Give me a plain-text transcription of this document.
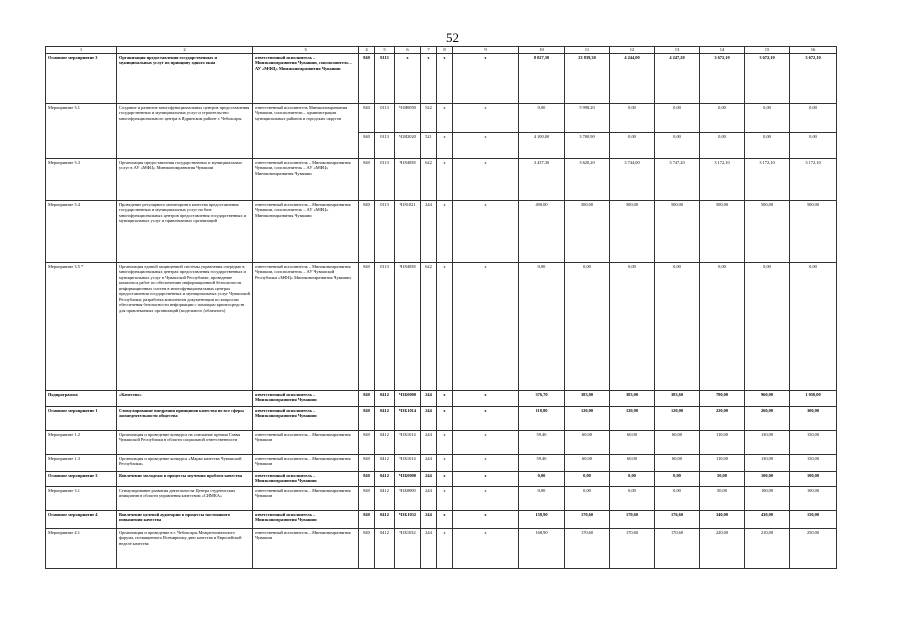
52
1	2	3	4	5	6	7	8	9	10	11	12	13	14	15	16
Основное мероприятие 3	Организация предоставления государственных и муниципальных услуг по принципу одного окна	ответственный исполнитель – Минэкономразвития Чувашии, соисполнитель – АУ «МФЦ» Минэкономразвития Чувашии	840	0113	x	x	x	x	8 027,30	23 839,30	4 244,00	4 247,20	3 672,10	3 672,10	3 672,10
Мероприятие 3.1	Создание и развитие многофункциональных центров предоставления государственных и муниципальных услуг и строительство многофункционального центра в Ядринском районе г. Чебоксары	ответственный исполнитель Минэкономразвития Чувашии, соисполнители – администрации муниципальных районов и городских округов	840	0113	Ч1Я0050	522	x	x	0,00	5 998,20	0,00	0,00	0,00	0,00	0,00
			840	0113	Ч1Я2020	521	x	x	4 100,00	3 700,90	0,00	0,00	0,00	0,00	0,00
Мероприятие 3.3	Организация предоставления государственных и муниципальных услуг в АУ «МФЦ» Минэкономразвития Чувашии	ответственный исполнитель – Минэкономразвития Чувашии, соисполнитель – АУ «МФЦ» Минэкономразвития Чувашии	840	0113	Ч184058	622	x	x	3 437,30	3 620,20	3 744,00	3 747,20	3 172,10	3 172,10	3 172,10
Мероприятие 3.4	Проведение регулярного мониторинга качества предоставления государственных и муниципальных услуг на базе многофункциональных центров предоставления государственных и муниципальных услуг и привлекаемых организаций	ответственный исполнитель – Минэкономразвития Чувашии, соисполнитель – АУ «МФЦ» Минэкономразвития Чувашии	840	0113	Ч181021	244	x	x	490,00	500,00	500,00	500,00	500,00	500,00	500,00
Мероприятие 3.5 *	Организация единой защищенной системы управления очередью в многофункциональных центрах предоставления государственных и муниципальных услуг в Чувашской Республике, проведение комплекса работ по обеспечению информационной безопасности информационных систем в многофункциональных центрах предоставления государственных и муниципальных услуг Чувашской Республики, разработка комплектов документации по вопросам обеспечения безопасности информации с помощью криптосредств для привлекаемых организаций (модельного (облачного)	ответственный исполнитель – Минэкономразвития Чувашии, соисполнитель – АУ Чувашской Республики «МФЦ» Минэкономразвития Чувашии	840	0113	Ч184058	622	x	x	0,00	0,00	0,00	0,00	0,00	0,00	0,00
Подпрограмма	«Качество»	ответственный исполнитель – Минэкономразвития Чувашии	840	0412	Ч1Б0000	244	x	x	376,70	383,00	383,00	383,60	780,00	960,00	1 050,00
Основное мероприятие 1	Стимулирование внедрения принципов качества во все сферы жизнедеятельности общества	ответственный исполнитель – Минэкономразвития Чувашии	840	0412	Ч1Б1014	244	x	x	118,80	120,00	120,00	120,00	220,00	260,00	300,00
Мероприятие 1.2	Организация и проведение конкурса на соискание премии Главы Чувашской Республики в области социальной ответственности	ответственный исполнитель – Минэкономразвития Чувашии	840	0412	Ч1Б1014	244	x	x	59,40	60,00	60,00	60,00	110,00	130,00	150,00
Мероприятие 1.3	Организация и проведение конкурса «Марка качества Чувашской Республики»	ответственный исполнитель – Минэкономразвития Чувашии	840	0412	Ч1Б1014	244	x	x	59,40	60,00	60,00	60,00	110,00	130,00	150,00
Основное мероприятие 3	Вовлечение молодежи в процессы изучения проблем качества	ответственный исполнитель – Минэкономразвития Чувашии	840	0412	Ч1Б0000	244	x	x	0,00	0,00	0,00	0,00	50,00	100,00	100,00
Мероприятие 3.1	Стимулирование развития деятельности Центра студенческих инициатив в области управления качеством «СИМКА»	ответственный исполнитель – Минэкономразвития Чувашии	840	0412	Ч1Б0000	244	x	x	0,00	0,00	0,00	0,00	50,00	100,00	100,00
Основное мероприятие 4	Вовлечение целевой аудитории в процессы постоянного повышения качества	ответственный исполнитель – Минэкономразвития Чувашии	840	0412	Ч1Б1032	244	x	x	158,90	170,60	170,60	176,60	340,00	430,00	150,00
Мероприятие 4.1	Организация и проведение в г. Чебоксары Межрегионального форума, посвященного Всемирному дню качества и Европейской неделе качества	ответственный исполнитель – Минэкономразвития Чувашии	840	0412	Ч1Б1032	244	x	x	168,90	170,60	170,60	170,60	220,00	210,00	250,00
